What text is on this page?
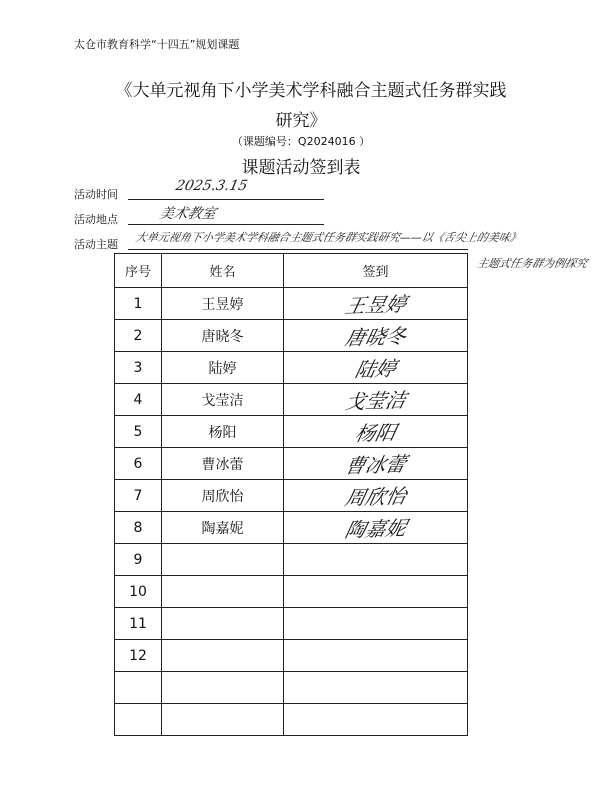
太仓市教育科学“十四五”规划课题
《大单元视角下小学美术学科融合主题式任务群实践
研究》
（课题编号：Q2024016 ）
课题活动签到表
活动时间
2025.3.15
活动地点	美术教室
活动主题
大单元视角下小学美术学科融合主题式任务群实践研究——以《舌尖上的美味》
主题式任务群为例探究
序号	姓名	签到
1	王昱婷	王昱婷
2	唐晓冬	唐晓冬
3	陆婷	陆婷
4	戈莹洁	戈莹洁
5	杨阳	杨阳
6	曹冰蕾	曹冰蕾
7	周欣怡	周欣怡
8	陶嘉妮	陶嘉妮
9		
10		
11		
12		
